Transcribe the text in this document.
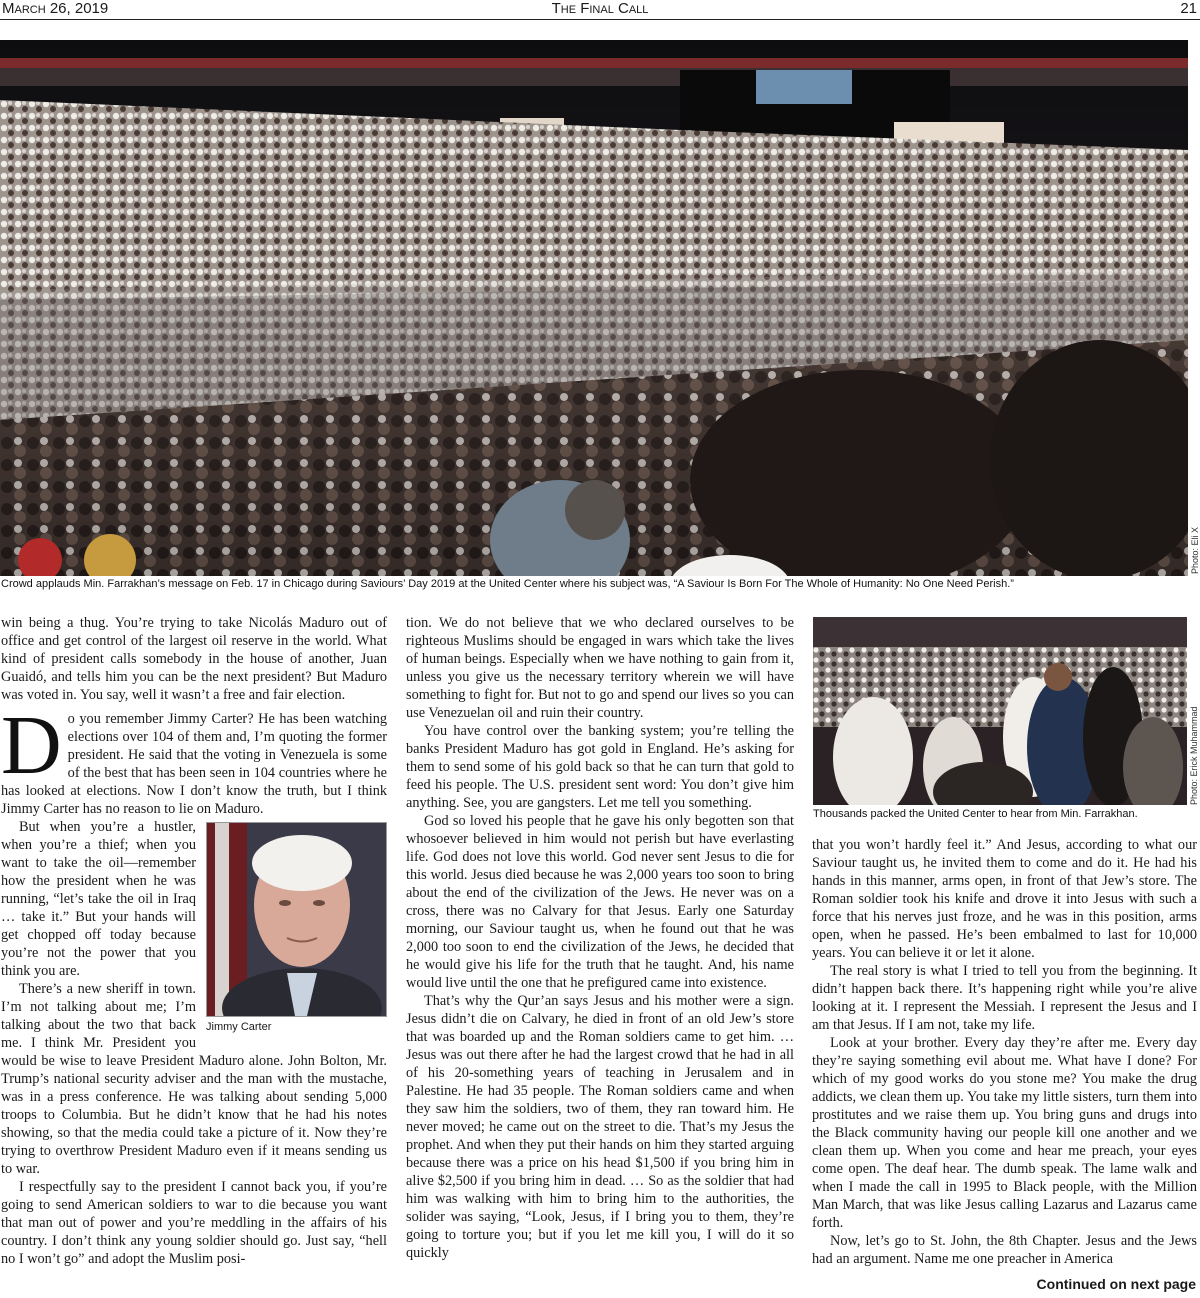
March 26, 2019	The Final Call	21
Photo: Eli X
Crowd applauds Min. Farrakhan’s message on Feb. 17 in Chicago during Saviours’ Day 2019 at the United Center where his subject was, “A Saviour Is Born For The Whole of Humanity: No One Need Perish.”
Photo: Erick Muhammad
Thousands packed the United Center to hear from Min. Farrakhan.

win being a thug. You’re trying to take Nicolás Maduro out of office and get control of the largest oil reserve in the world. What kind of president calls somebody in the house of another, Juan Guaidó, and tells him you can be the next president? But Maduro was voted in. You say, well it wasn’t a free and fair election.

D o you remember Jimmy Carter? He has been watching elections over 104 of them and, I’m quoting the former president. He said that the voting in Venezuela is some of the best that has been seen in 104 countries where he has looked at elections. Now I don’t know the truth, but I think Jimmy Carter has no reason to lie on Maduro.

Jimmy Carter

But when you’re a hustler, when you’re a thief; when you want to take the oil—remember how the president when he was running, “let’s take the oil in Iraq … take it.” But your hands will get chopped off today because you’re not the power that you think you are.

There’s a new sheriff in town. I’m not talking about me; I’m talking about the two that back me. I think Mr. President you would be wise to leave President Maduro alone. John Bolton, Mr. Trump’s national security adviser and the man with the mustache, was in a press conference. He was talking about sending 5,000 troops to Columbia. But he didn’t know that he had his notes showing, so that the media could take a picture of it. Now they’re trying to overthrow President Maduro even if it means sending us to war.

I respectfully say to the president I cannot back you, if you’re going to send American soldiers to war to die because you want that man out of power and you’re meddling in the affairs of his country. I don’t think any young soldier should go. Just say, “hell no I won’t go” and adopt the Muslim posi-

tion. We do not believe that we who declared ourselves to be righteous Muslims should be engaged in wars which take the lives of human beings. Especially when we have nothing to gain from it, unless you give us the necessary territory wherein we will have something to fight for. But not to go and spend our lives so you can use Venezuelan oil and ruin their country.

You have control over the banking system; you’re telling the banks President Maduro has got gold in England. He’s asking for them to send some of his gold back so that he can turn that gold to feed his people. The U.S. president sent word: You don’t give him anything. See, you are gangsters. Let me tell you something.

God so loved his people that he gave his only begotten son that whosoever believed in him would not perish but have everlasting life. God does not love this world. God never sent Jesus to die for this world. Jesus died because he was 2,000 years too soon to bring about the end of the civilization of the Jews. He never was on a cross, there was no Calvary for that Jesus. Early one Saturday morning, our Saviour taught us, when he found out that he was 2,000 too soon to end the civilization of the Jews, he decided that he would give his life for the truth that he taught. And, his name would live until the one that he prefigured came into existence.

That’s why the Qur’an says Jesus and his mother were a sign. Jesus didn’t die on Calvary, he died in front of an old Jew’s store that was boarded up and the Roman soldiers came to get him. … Jesus was out there after he had the largest crowd that he had in all of his 20-something years of teaching in Jerusalem and in Palestine. He had 35 people. The Roman soldiers came and when they saw him the soldiers, two of them, they ran toward him. He never moved; he came out on the street to die. That’s my Jesus the prophet. And when they put their hands on him they started arguing because there was a price on his head $1,500 if you bring him in alive $2,500 if you bring him in dead. … So as the soldier that had him was walking with him to bring him to the authorities, the solider was saying, “Look, Jesus, if I bring you to them, they’re going to torture you; but if you let me kill you, I will do it so quickly

that you won’t hardly feel it.” And Jesus, according to what our Saviour taught us, he invited them to come and do it. He had his hands in this manner, arms open, in front of that Jew’s store. The Roman soldier took his knife and drove it into Jesus with such a force that his nerves just froze, and he was in this position, arms open, when he passed. He’s been embalmed to last for 10,000 years. You can believe it or let it alone.

The real story is what I tried to tell you from the beginning. It didn’t happen back there. It’s happening right while you’re alive looking at it. I represent the Messiah. I represent the Jesus and I am that Jesus. If I am not, take my life.

Look at your brother. Every day they’re after me. Every day they’re saying something evil about me. What have I done? For which of my good works do you stone me? You make the drug addicts, we clean them up. You take my little sisters, turn them into prostitutes and we raise them up. You bring guns and drugs into the Black community having our people kill one another and we clean them up. When you come and hear me preach, your eyes come open. The deaf hear. The dumb speak. The lame walk and when I made the call in 1995 to Black people, with the Million Man March, that was like Jesus calling Lazarus and Lazarus came forth.

Now, let’s go to St. John, the 8th Chapter. Jesus and the Jews had an argument. Name me one preacher in America

Continued on next page
